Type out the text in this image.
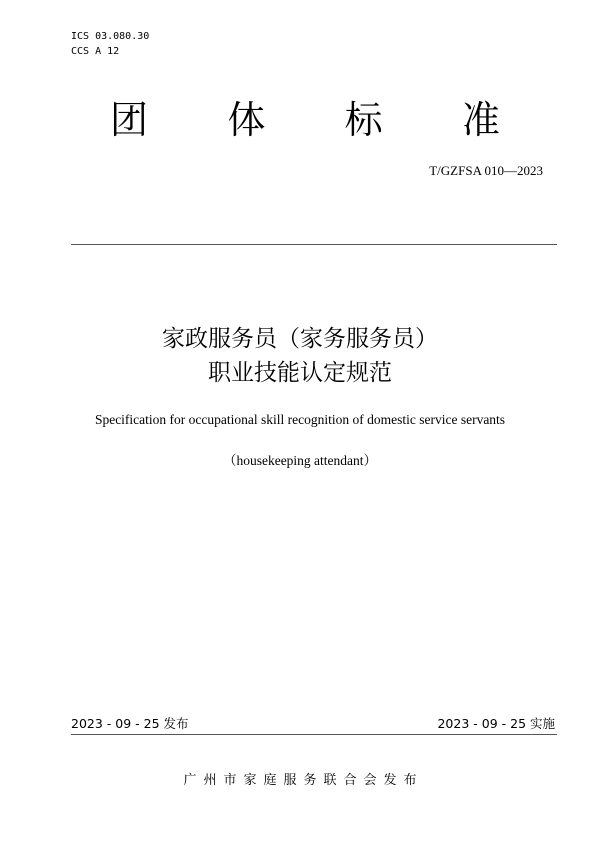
ICS 03.080.30
CCS A 12
团 体 标 准
T/GZFSA 010—2023
家政服务员（家务服务员）
职业技能认定规范
Specification for occupational skill recognition of domestic service servants
（housekeeping attendant）
2023 - 09 - 25 发布	2023 - 09 - 25 实施
广州市家庭服务联合会发布
